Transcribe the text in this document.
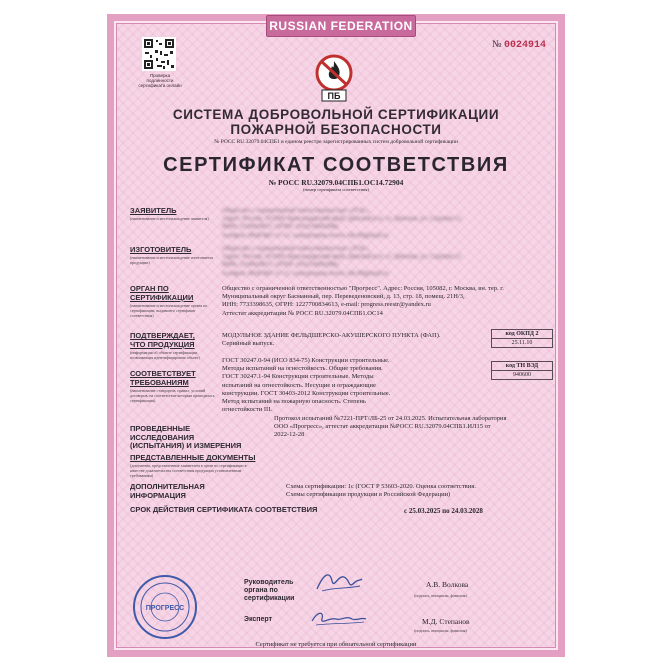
RUSSIAN FEDERATION
№ 0024914
Проверка подлинности сертификата онлайн
ПБ
СИСТЕМА ДОБРОВОЛЬНОЙ СЕРТИФИКАЦИИ
ПОЖАРНОЙ БЕЗОПАСНОСТИ
№ РОСС RU.32079.04СПБ1 в едином реестре зарегистрированных систем добровольной сертификации
СЕРТИФИКАТ СООТВЕТСТВИЯ
№ РОСС RU.32079.04СПБ1.ОС14.72904
(номер сертификата соответствия)
ЗАЯВИТЕЛЬ
(наименование и местонахождение заявителя)
Общество с ограниченной ответственностью «ТСК»,
Адрес: Россия, 353200, Краснодарский край, Динской р-н, ст. Динская, ул. Садовая,13,
ИНН: 2330029871, ОГРН: 1032330002986,
телефон: 8928 881-11-11, электронная почта: tsk-00@mail.ru
ИЗГОТОВИТЕЛЬ
(наименование и местонахождение изготовителя продукции)
Общество с ограниченной ответственностью «ТСК»,
Адрес: Россия, 353200, Краснодарский край, Динской р-н, ст. Динская, ул. Садовая,13,
ИНН: 2330029871, ОГРН: 1032330002986,
телефон: 8928 881-11-11, электронная почта: tsk-00@mail.ru
ОРГАН ПО СЕРТИФИКАЦИИ
(наименование и местонахождение органа по сертификации, выдавшего сертификат соответствия)
Общество с ограниченной ответственностью "Прогресс". Адрес: Россия, 105082, г. Москва, вн. тер. г.
Муниципальный округ Басманный, пер. Переведеновский, д. 13, стр. 18, помещ. 21Н/3,
ИНН: 7733398635, ОГРН: 1227700834613, e-mail: progress.reestr@yandex.ru
Аттестат аккредитации № РОСС RU.32079.04СПБ1.ОС14
ПОДТВЕРЖДАЕТ, ЧТО ПРОДУКЦИЯ
(информация об объекте сертификации, позволяющая идентифицировать объект)
МОДУЛЬНОЕ ЗДАНИЕ ФЕЛЬДШЕРСКО-АКУШЕРСКОГО ПУНКТА (ФАП).
Серийный выпуск.
код ОКПД 2
25.11.10
СООТВЕТСТВУЕТ ТРЕБОВАНИЯМ
(наименование стандартов, правил, условий договоров, на соответствие которым проводилась сертификация)
ГОСТ 30247.0-94 (ИСО 834-75) Конструкции строительные.
Методы испытаний на огнестойкость. Общие требования.
ГОСТ 30247.1-94 Конструкции строительные. Методы
испытаний на огнестойкость. Несущие и ограждающие
конструкции. ГОСТ 30403-2012 Конструкции строительные.
Метод испытаний на пожарную опасность. Степень
огнестойкости III.
код ТН ВЭД
940600
ПРОВЕДЕННЫЕ ИССЛЕДОВАНИЯ (ИСПЫТАНИЯ) И ИЗМЕРЕНИЯ
Протокол испытаний №7221-ПРТ/ЛБ-25 от 24.03.2025. Испытательная лаборатория
ООО «Прогресс», аттестат аккредитации №РОСС RU.32079.04СПБ1.ИЛ15 от
2022-12-28
ПРЕДСТАВЛЕННЫЕ ДОКУМЕНТЫ
(документы, представленные заявителем в орган по сертификации в качестве доказательства соответствия продукции установленным требованиям)
ДОПОЛНИТЕЛЬНАЯ ИНФОРМАЦИЯ
Схема сертификации: 1с (ГОСТ Р 53603-2020. Оценка соответствия.
Схемы сертификации продукции в Российской Федерации)
СРОК ДЕЙСТВИЯ СЕРТИФИКАТА СООТВЕТСТВИЯ	с 25.03.2025 по 24.03.2028
ПРОГРЕСС
Руководитель органа по сертификации
А.В. Волкова
(подпись, инициалы, фамилия)
Эксперт	М.Д. Степанов
(подпись, инициалы, фамилия)
Сертификат не требуется при обязательной сертификации
